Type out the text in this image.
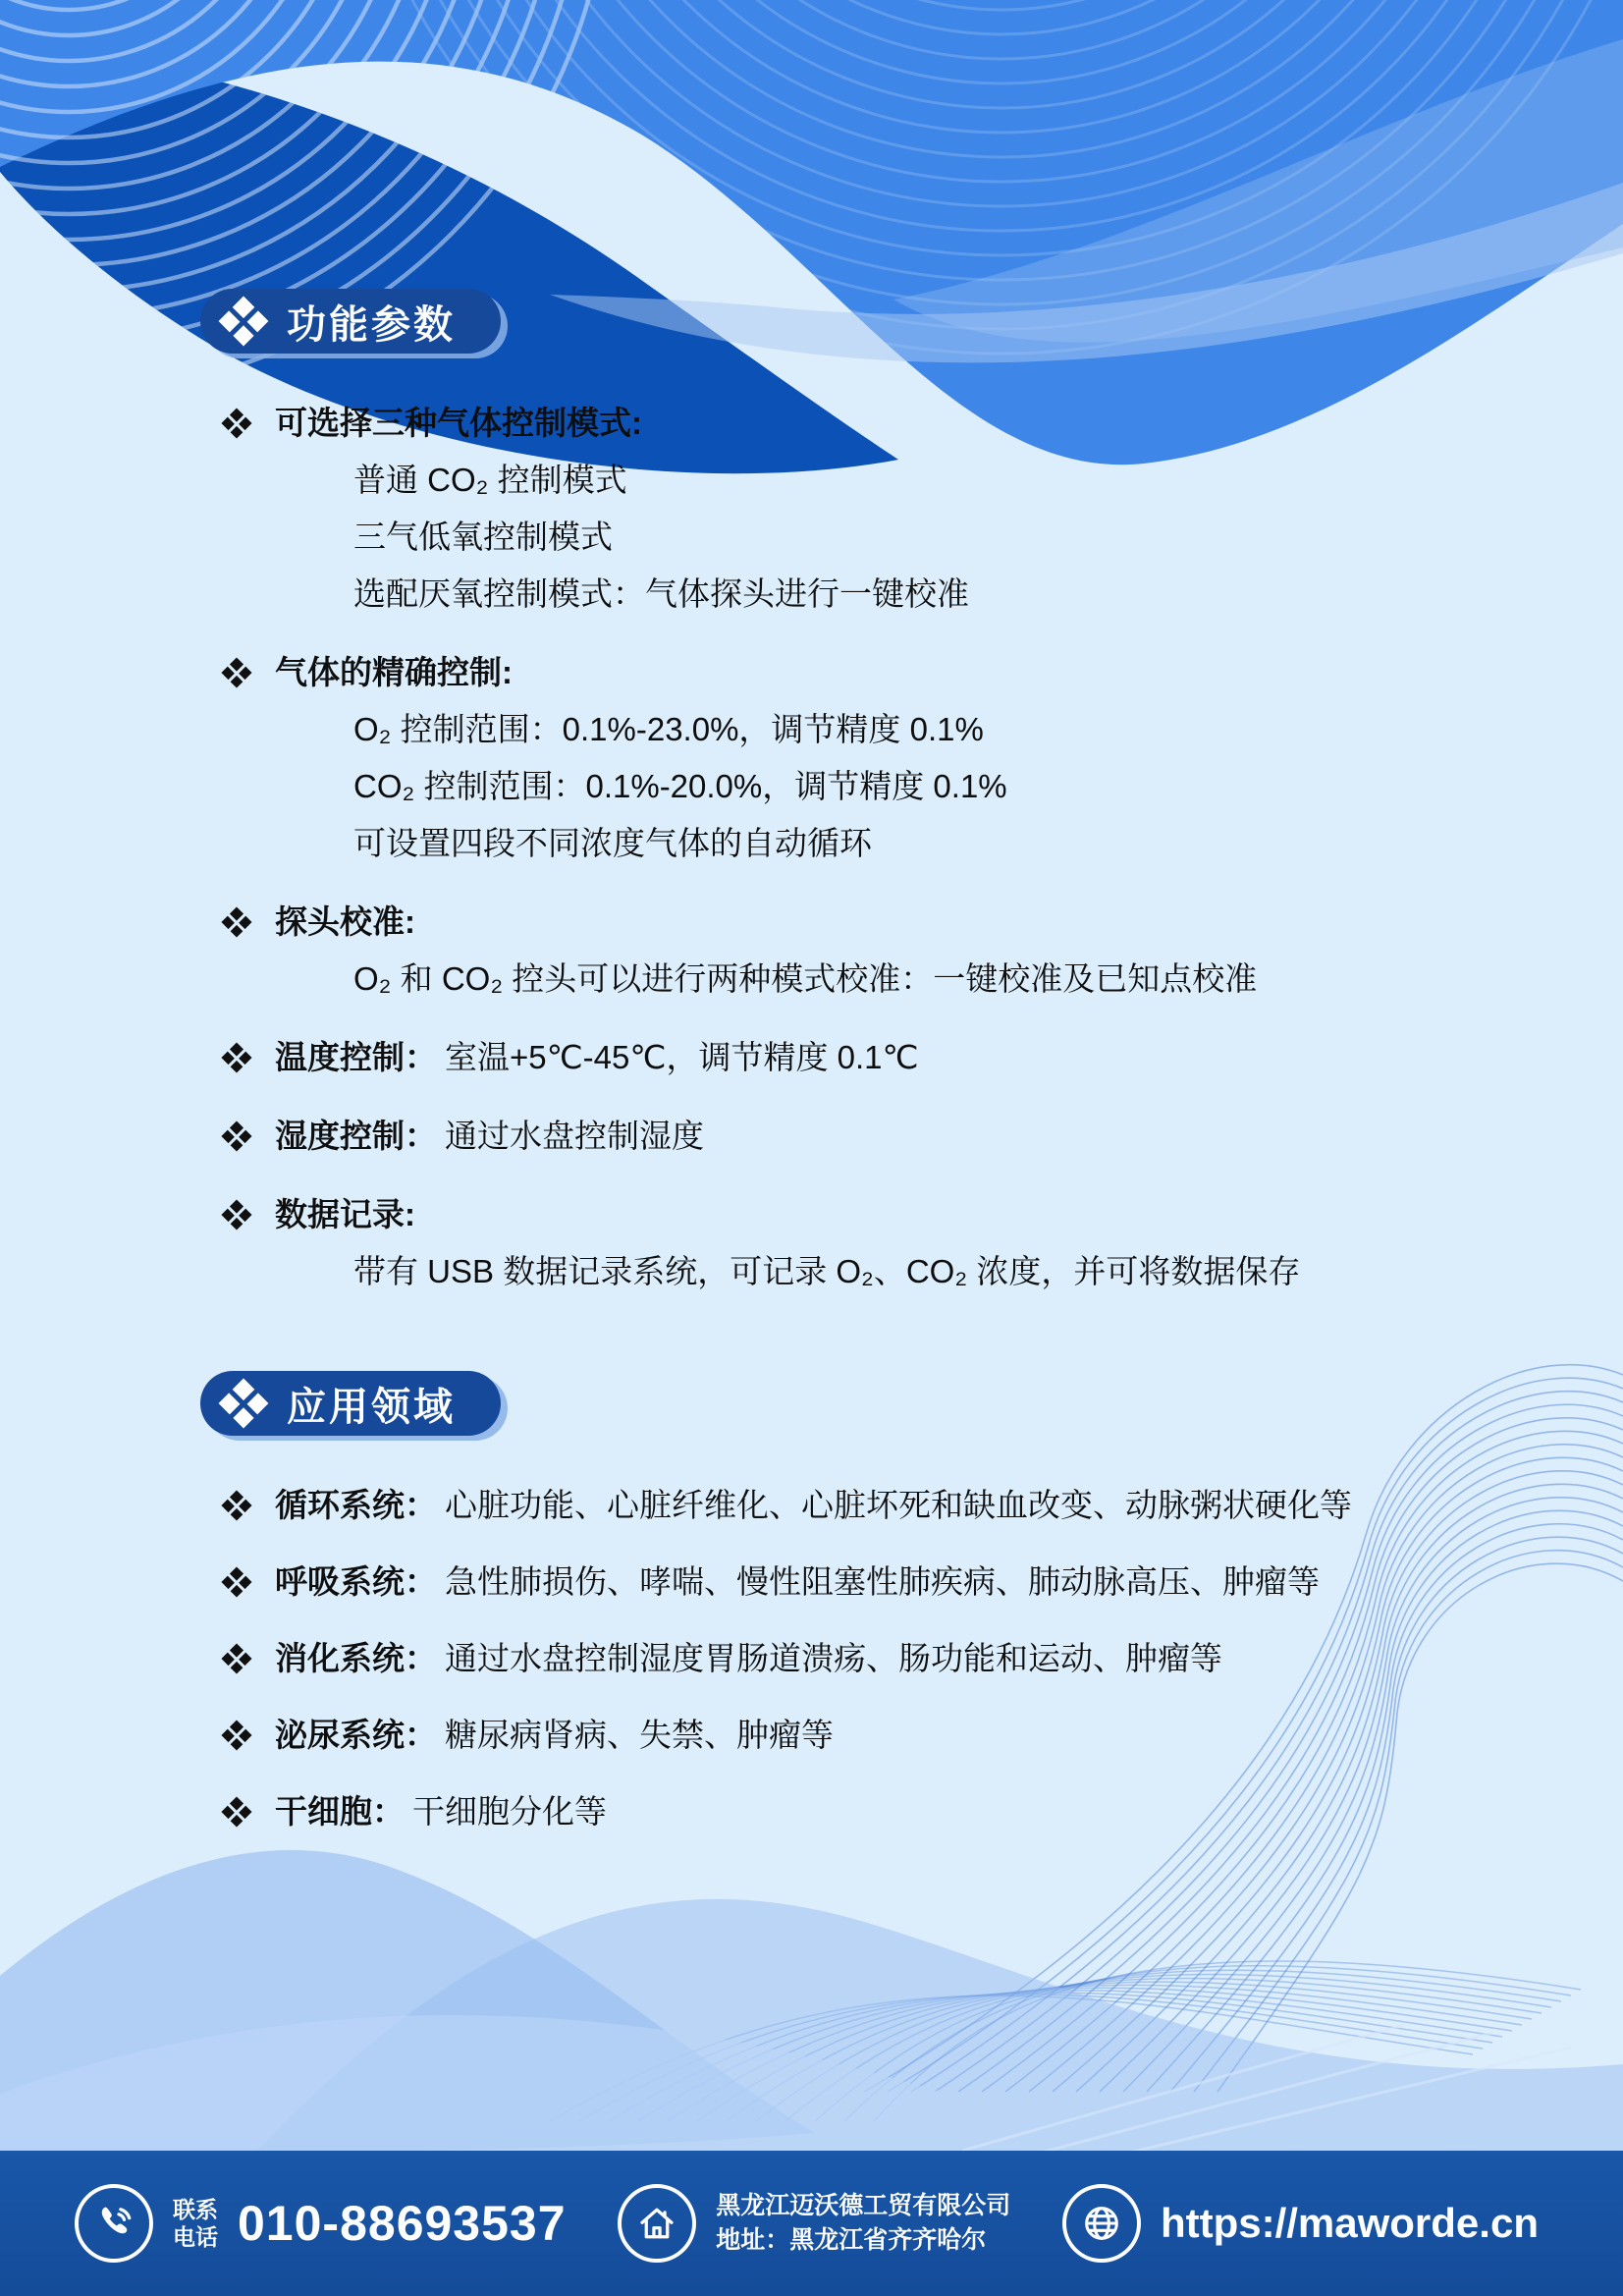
功能参数
可选择三种气体控制模式:
普通 CO₂ 控制模式
三气低氧控制模式
选配厌氧控制模式：气体探头进行一键校准
气体的精确控制:
O₂ 控制范围：0.1%-23.0%，调节精度 0.1%
CO₂ 控制范围：0.1%-20.0%，调节精度 0.1%
可设置四段不同浓度气体的自动循环
探头校准:
O₂ 和 CO₂ 控头可以进行两种模式校准：一键校准及已知点校准
温度控制： 室温+5℃-45℃，调节精度 0.1℃
湿度控制： 通过水盘控制湿度
数据记录:
带有 USB 数据记录系统，可记录 O₂、CO₂ 浓度，并可将数据保存
应用领域
循环系统： 心脏功能、心脏纤维化、心脏坏死和缺血改变、动脉粥状硬化等
呼吸系统： 急性肺损伤、哮喘、慢性阻塞性肺疾病、肺动脉高压、肿瘤等
消化系统： 通过水盘控制湿度胃肠道溃疡、肠功能和运动、肿瘤等
泌尿系统： 糖尿病肾病、失禁、肿瘤等
干细胞： 干细胞分化等
联系
电话 010-88693537	黑龙江迈沃德工贸有限公司
地址：黑龙江省齐齐哈尔	https://maworde.cn
